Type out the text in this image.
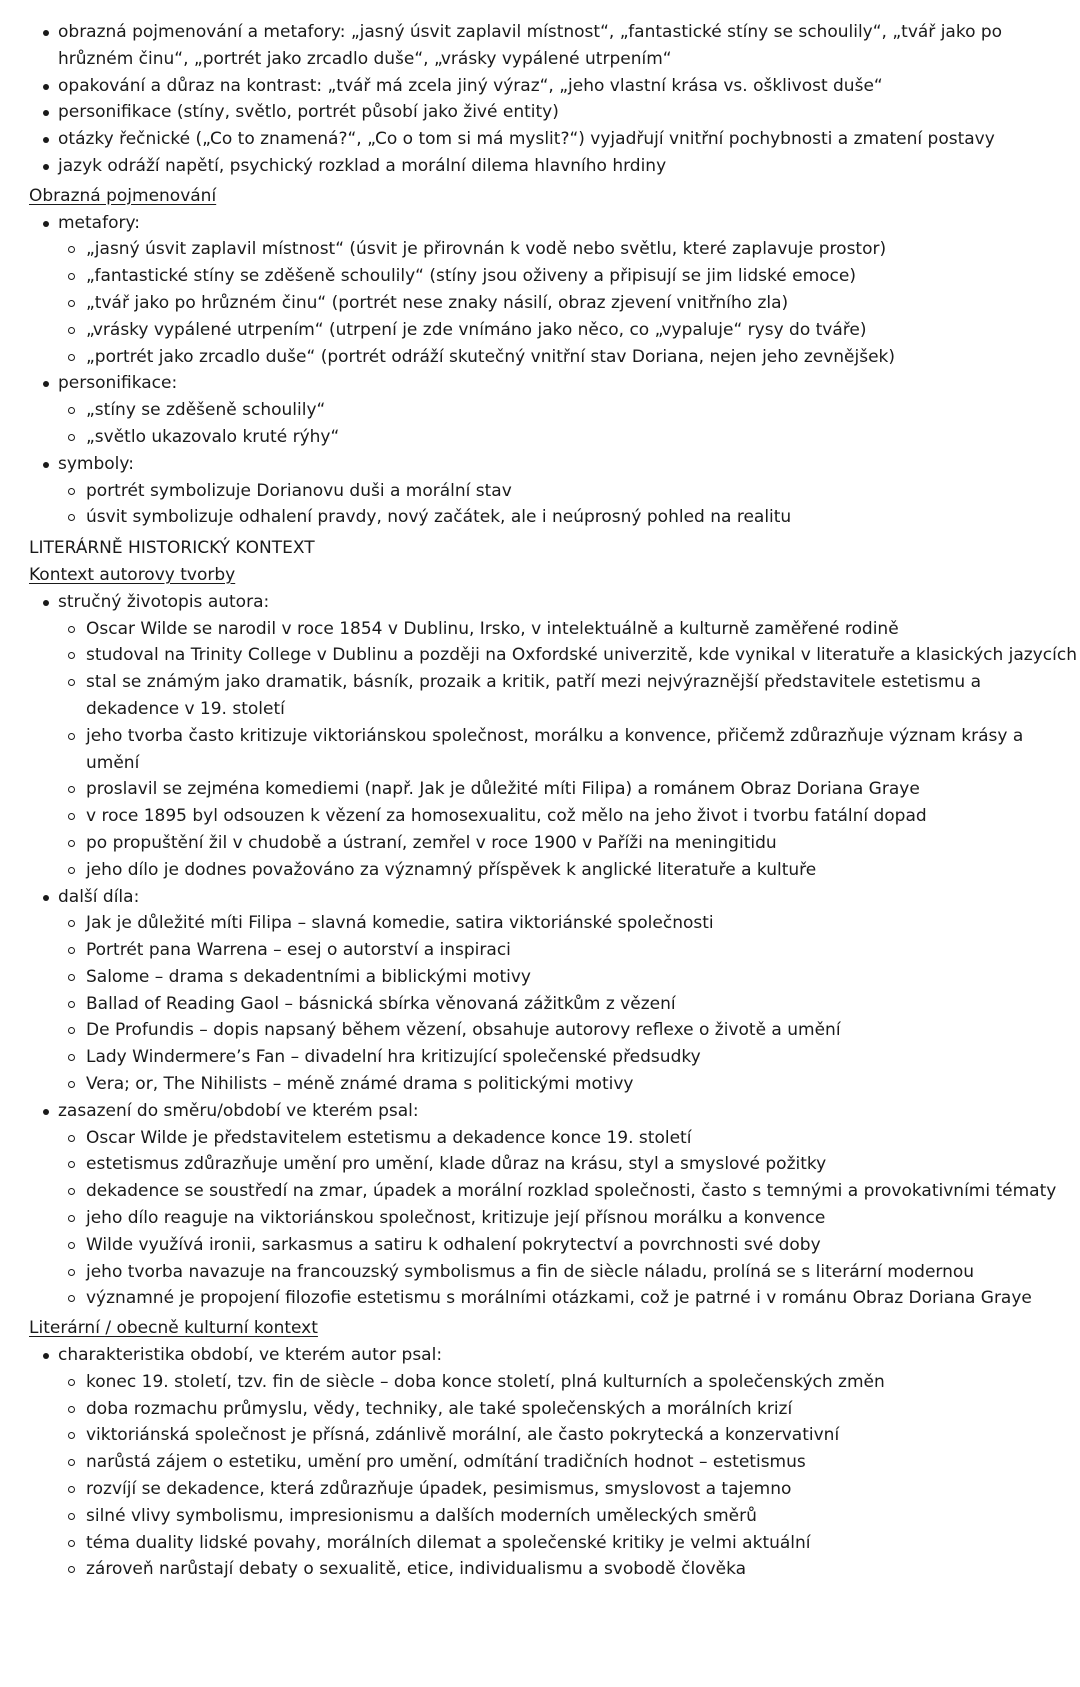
obrazná pojmenování a metafory: „jasný úsvit zaplavil místnost“, „fantastické stíny se schoulily“, „tvář jako po hrůzném činu“, „portrét jako zrcadlo duše“, „vrásky vypálené utrpením“
opakování a důraz na kontrast: „tvář má zcela jiný výraz“, „jeho vlastní krása vs. ošklivost duše“
personifikace (stíny, světlo, portrét působí jako živé entity)
otázky řečnické („Co to znamená?“, „Co o tom si má myslit?“) vyjadřují vnitřní pochybnosti a zmatení postavy
jazyk odráží napětí, psychický rozklad a morální dilema hlavního hrdiny
Obrazná pojmenování
metafory:
„jasný úsvit zaplavil místnost“ (úsvit je přirovnán k vodě nebo světlu, které zaplavuje prostor)
„fantastické stíny se zděšeně schoulily“ (stíny jsou oživeny a připisují se jim lidské emoce)
„tvář jako po hrůzném činu“ (portrét nese znaky násilí, obraz zjevení vnitřního zla)
„vrásky vypálené utrpením“ (utrpení je zde vnímáno jako něco, co „vypaluje“ rysy do tváře)
„portrét jako zrcadlo duše“ (portrét odráží skutečný vnitřní stav Doriana, nejen jeho zevnějšek)
personifikace:
„stíny se zděšeně schoulily“
„světlo ukazovalo kruté rýhy“
symboly:
portrét symbolizuje Dorianovu duši a morální stav
úsvit symbolizuje odhalení pravdy, nový začátek, ale i neúprosný pohled na realitu
LITERÁRNĚ HISTORICKÝ KONTEXT
Kontext autorovy tvorby
stručný životopis autora:
Oscar Wilde se narodil v roce 1854 v Dublinu, Irsko, v intelektuálně a kulturně zaměřené rodině
studoval na Trinity College v Dublinu a později na Oxfordské univerzitě, kde vynikal v literatuře a klasických jazycích
stal se známým jako dramatik, básník, prozaik a kritik, patří mezi nejvýraznější představitele estetismu a
dekadence v 19. století
jeho tvorba často kritizuje viktoriánskou společnost, morálku a konvence, přičemž zdůrazňuje význam krásy a
umění
proslavil se zejména komediemi (např. Jak je důležité míti Filipa) a románem Obraz Doriana Graye
v roce 1895 byl odsouzen k vězení za homosexualitu, což mělo na jeho život i tvorbu fatální dopad
po propuštění žil v chudobě a ústraní, zemřel v roce 1900 v Paříži na meningitidu
jeho dílo je dodnes považováno za významný příspěvek k anglické literatuře a kultuře
další díla:
Jak je důležité míti Filipa – slavná komedie, satira viktoriánské společnosti
Portrét pana Warrena – esej o autorství a inspiraci
Salome – drama s dekadentními a biblickými motivy
Ballad of Reading Gaol – básnická sbírka věnovaná zážitkům z vězení
De Profundis – dopis napsaný během vězení, obsahuje autorovy reflexe o životě a umění
Lady Windermere’s Fan – divadelní hra kritizující společenské předsudky
Vera; or, The Nihilists – méně známé drama s politickými motivy
zasazení do směru/období ve kterém psal:
Oscar Wilde je představitelem estetismu a dekadence konce 19. století
estetismus zdůrazňuje umění pro umění, klade důraz na krásu, styl a smyslové požitky
dekadence se soustředí na zmar, úpadek a morální rozklad společnosti, často s temnými a provokativními tématy
jeho dílo reaguje na viktoriánskou společnost, kritizuje její přísnou morálku a konvence
Wilde využívá ironii, sarkasmus a satiru k odhalení pokrytectví a povrchnosti své doby
jeho tvorba navazuje na francouzský symbolismus a fin de siècle náladu, prolíná se s literární modernou
významné je propojení filozofie estetismu s morálními otázkami, což je patrné i v románu Obraz Doriana Graye
Literární / obecně kulturní kontext
charakteristika období, ve kterém autor psal:
konec 19. století, tzv. fin de siècle – doba konce století, plná kulturních a společenských změn
doba rozmachu průmyslu, vědy, techniky, ale také společenských a morálních krizí
viktoriánská společnost je přísná, zdánlivě morální, ale často pokrytecká a konzervativní
narůstá zájem o estetiku, umění pro umění, odmítání tradičních hodnot – estetismus
rozvíjí se dekadence, která zdůrazňuje úpadek, pesimismus, smyslovost a tajemno
silné vlivy symbolismu, impresionismu a dalších moderních uměleckých směrů
téma duality lidské povahy, morálních dilemat a společenské kritiky je velmi aktuální
zároveň narůstají debaty o sexualitě, etice, individualismu a svobodě člověka
